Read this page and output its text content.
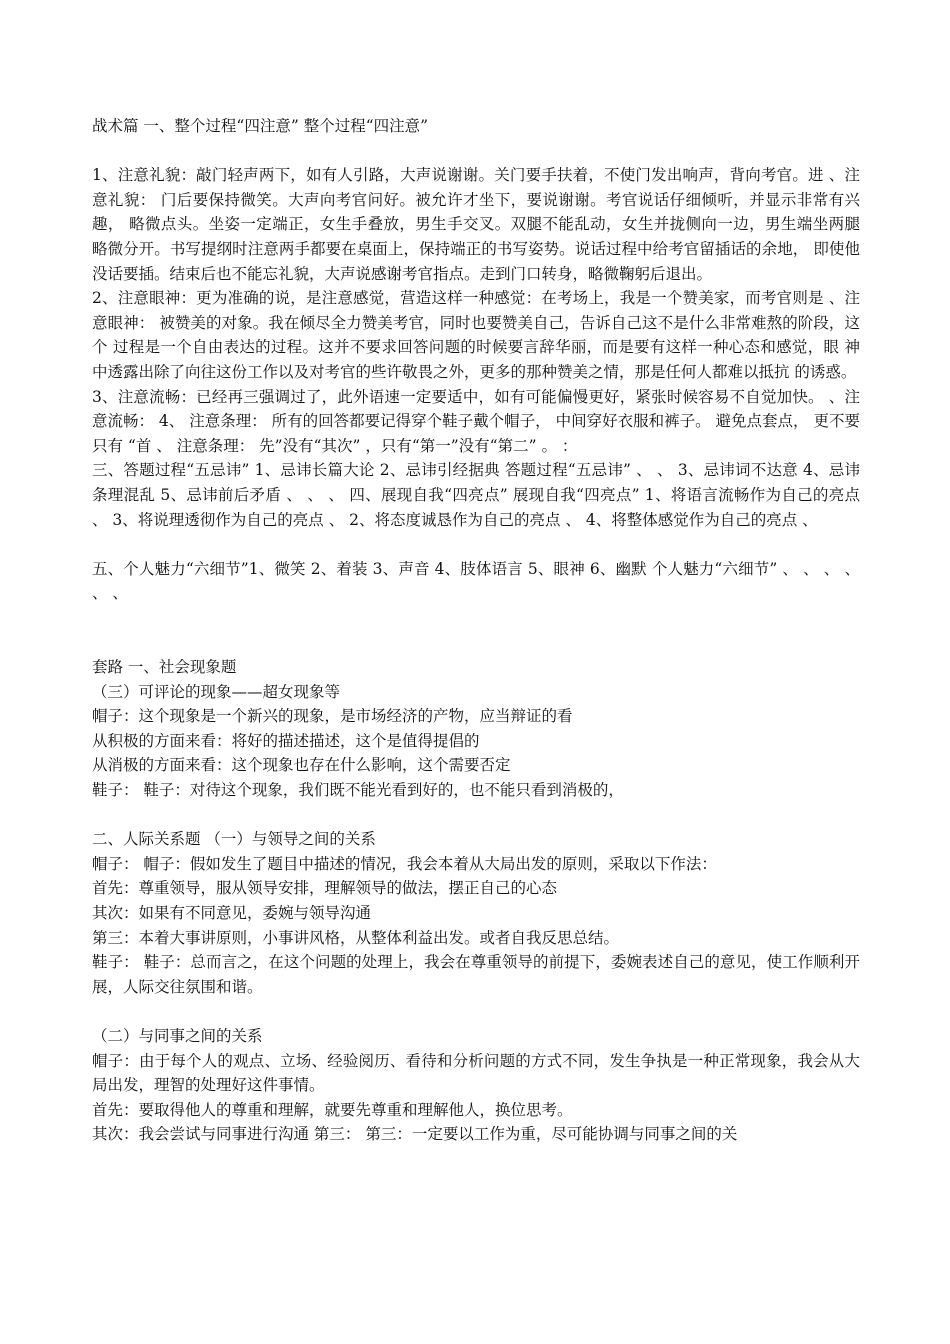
战术篇 一、整个过程“四注意” 整个过程“四注意”

1、注意礼貌：敲门轻声两下，如有人引路，大声说谢谢。关门要手扶着，不使门发出响声，背向考官。进 、注意礼貌： 门后要保持微笑。大声向考官问好。被允许才坐下，要说谢谢。考官说话仔细倾听，并显示非常有兴趣， 略微点头。坐姿一定端正，女生手叠放，男生手交叉。双腿不能乱动，女生并拢侧向一边，男生端坐两腿 略微分开。书写提纲时注意两手都要在桌面上，保持端正的书写姿势。说话过程中给考官留插话的余地， 即使他没话要插。结束后也不能忘礼貌，大声说感谢考官指点。走到门口转身，略微鞠躬后退出。

2、注意眼神：更为准确的说，是注意感觉，营造这样一种感觉：在考场上，我是一个赞美家，而考官则是 、注意眼神： 被赞美的对象。我在倾尽全力赞美考官，同时也要赞美自己，告诉自己这不是什么非常难熬的阶段，这个 过程是一个自由表达的过程。这并不要求回答问题的时候要言辞华丽，而是要有这样一种心态和感觉，眼 神中透露出除了向往这份工作以及对考官的些许敬畏之外，更多的那种赞美之情，那是任何人都难以抵抗 的诱惑。

3、注意流畅：已经再三强调过了，此外语速一定要适中，如有可能偏慢更好，紧张时候容易不自觉加快。 、注意流畅： 4、 注意条理： 所有的回答都要记得穿个鞋子戴个帽子， 中间穿好衣服和裤子。 避免点套点， 更不要只有 “首 、 注意条理： 先”没有“其次” ，只有“第一”没有“第二” 。 ：

三、答题过程“五忌讳” 1、忌讳长篇大论 2、忌讳引经据典 答题过程“五忌讳” 、 、 3、忌讳词不达意 4、忌讳条理混乱 5、忌讳前后矛盾 、 、 、 四、展现自我“四亮点” 展现自我“四亮点” 1、将语言流畅作为自己的亮点 、 3、将说理透彻作为自己的亮点 、 2、将态度诚恳作为自己的亮点 、 4、将整体感觉作为自己的亮点 、

五、个人魅力“六细节”1、微笑 2、着装 3、声音 4、肢体语言 5、眼神 6、幽默 个人魅力“六细节” 、 、 、 、 、 、

套路 一、社会现象题

（三）可评论的现象——超女现象等

帽子：这个现象是一个新兴的现象，是市场经济的产物，应当辩证的看

从积极的方面来看：将好的描述描述，这个是值得提倡的

从消极的方面来看：这个现象也存在什么影响，这个需要否定

鞋子： 鞋子：对待这个现象，我们既不能光看到好的，也不能只看到消极的，

二、人际关系题 （一）与领导之间的关系

帽子： 帽子：假如发生了题目中描述的情况，我会本着从大局出发的原则，采取以下作法：

首先：尊重领导，服从领导安排，理解领导的做法，摆正自己的心态

其次：如果有不同意见，委婉与领导沟通

第三：本着大事讲原则，小事讲风格，从整体利益出发。或者自我反思总结。

鞋子： 鞋子：总而言之，在这个问题的处理上，我会在尊重领导的前提下，委婉表述自己的意见，使工作顺利开 展，人际交往氛围和谐。

（二）与同事之间的关系

帽子：由于每个人的观点、立场、经验阅历、看待和分析问题的方式不同，发生争执是一种正常现象，我会从大局出发，理智的处理好这件事情。

首先：要取得他人的尊重和理解，就要先尊重和理解他人，换位思考。

其次：我会尝试与同事进行沟通 第三： 第三：一定要以工作为重，尽可能协调与同事之间的关
